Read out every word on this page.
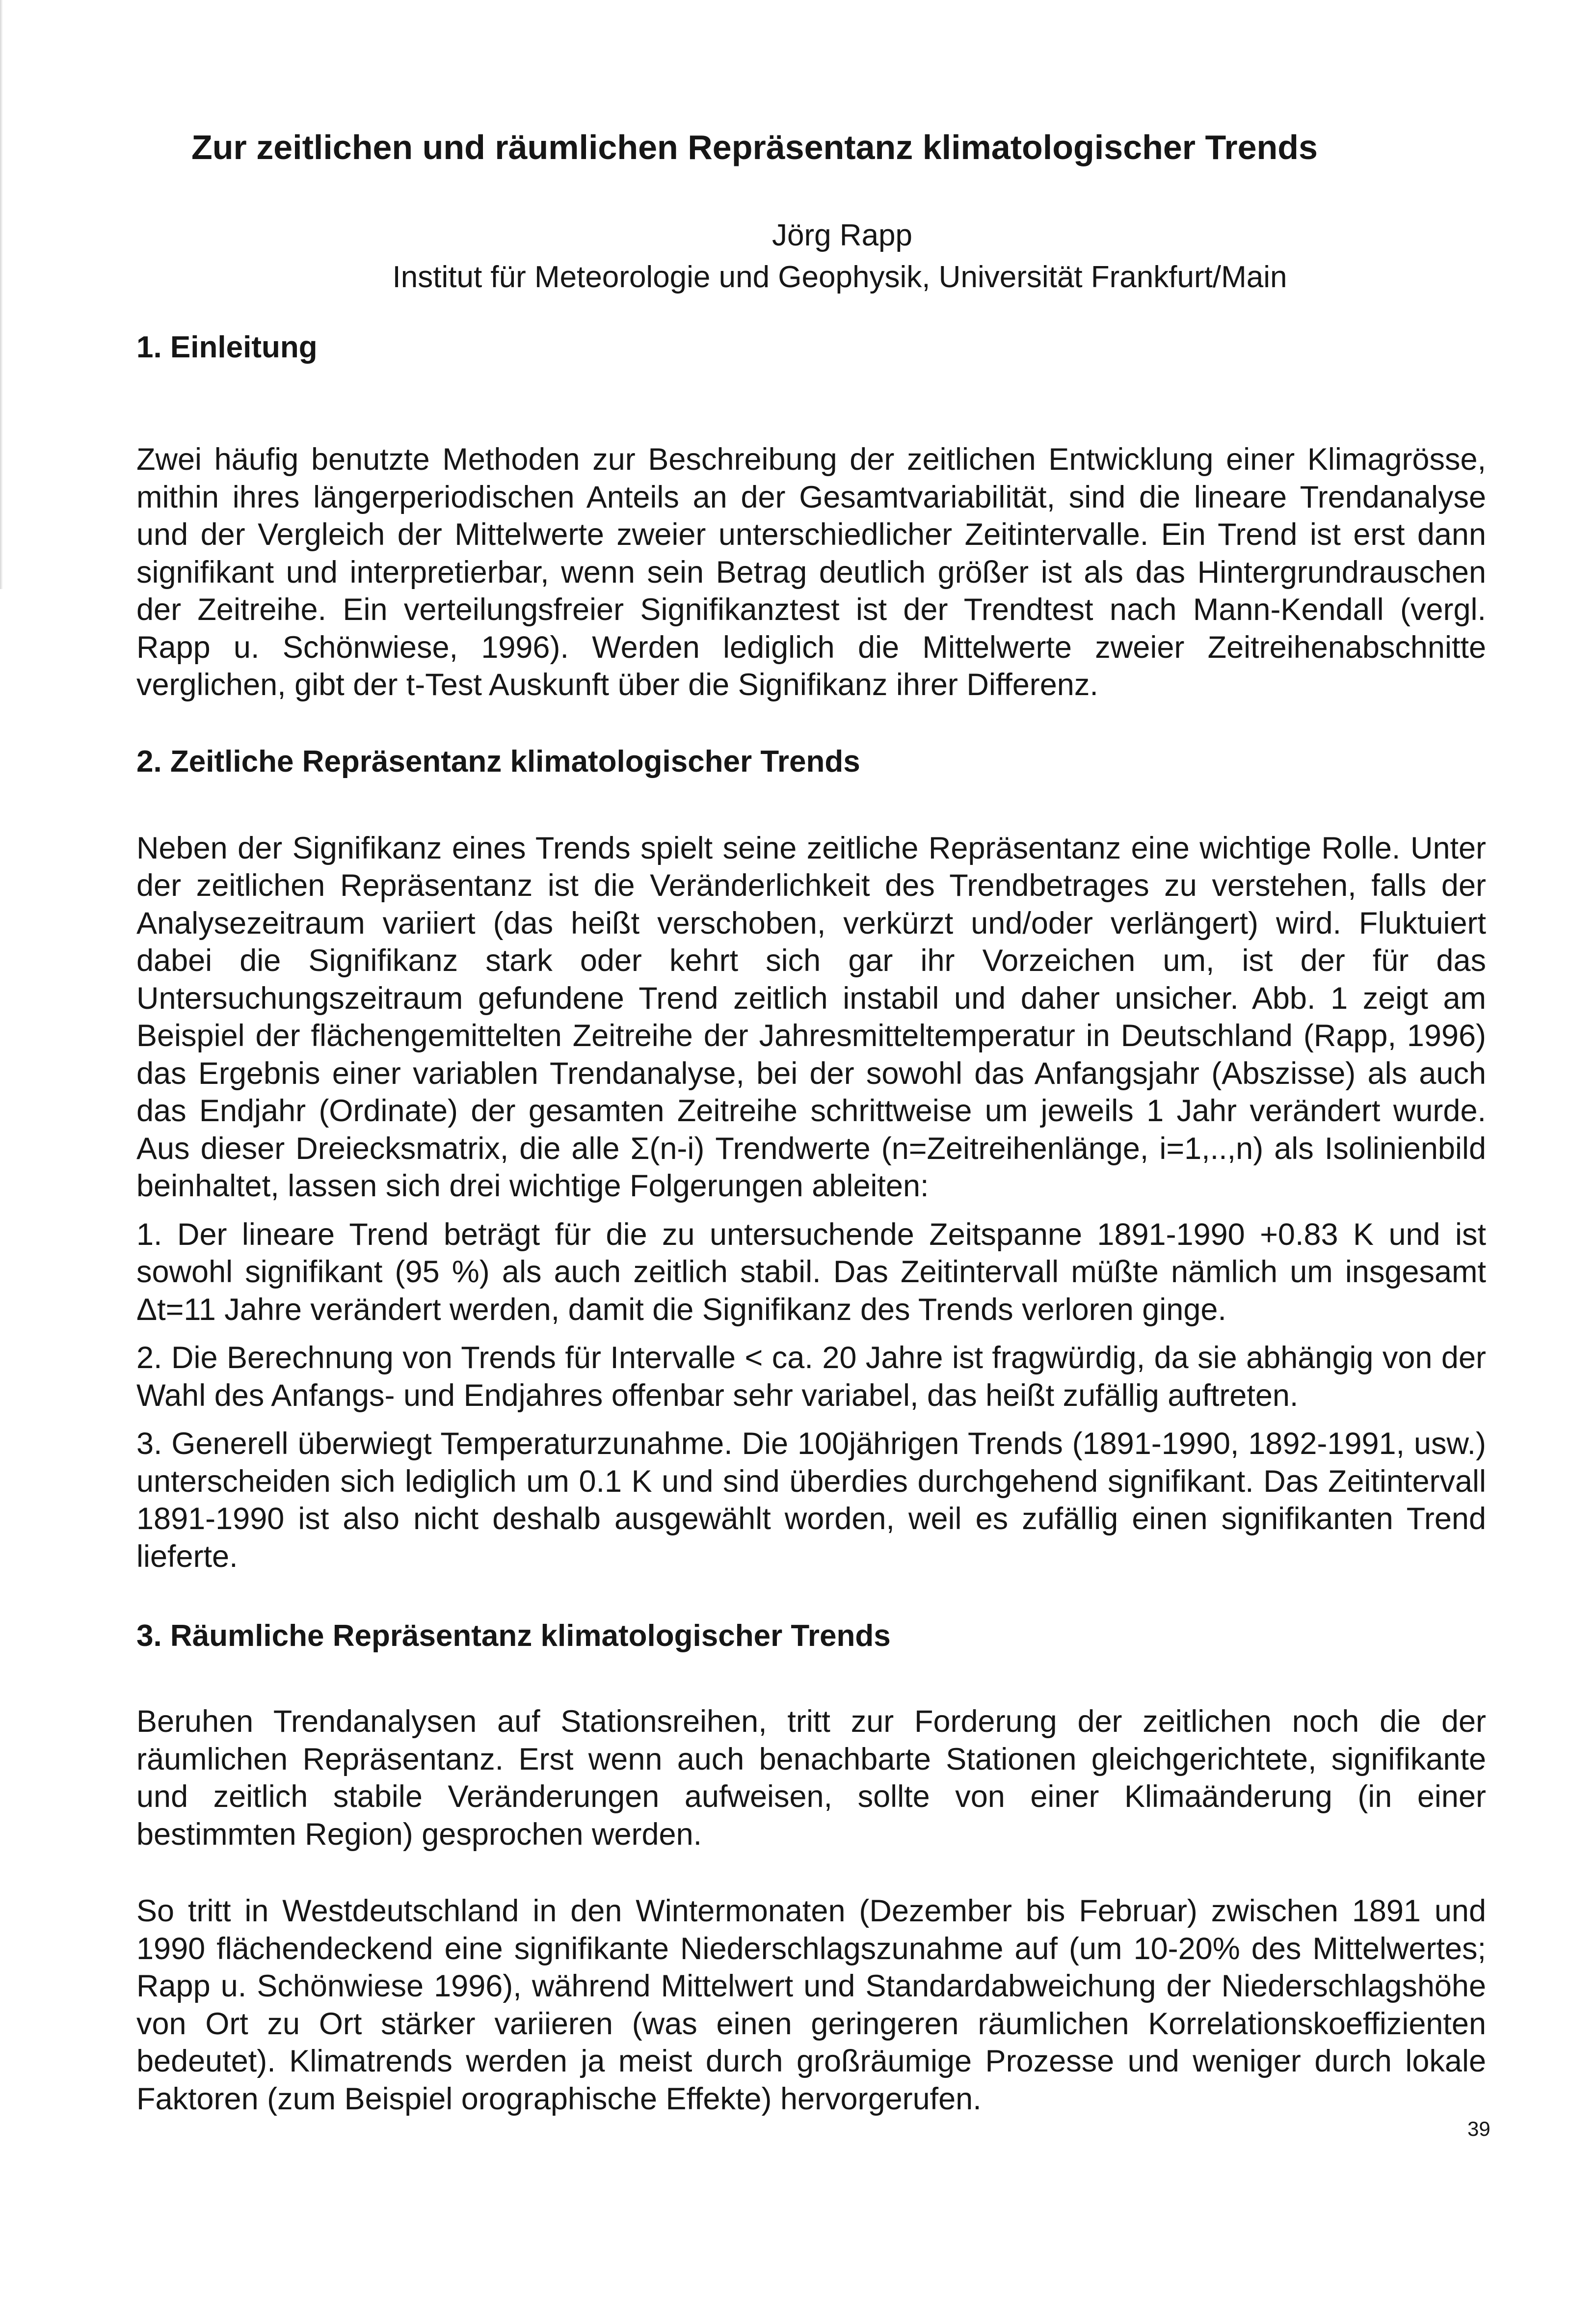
Zur zeitlichen und räumlichen Repräsentanz klimatologischer Trends
Jörg Rapp
Institut für Meteorologie und Geophysik, Universität Frankfurt/Main
1. Einleitung

Zwei häufig benutzte Methoden zur Beschreibung der zeitlichen Entwicklung einer Klimagrösse, mithin ihres längerperiodischen Anteils an der Gesamtvariabilität, sind die lineare Trendanalyse und der Vergleich der Mittelwerte zweier unterschiedlicher Zeitintervalle. Ein Trend ist erst dann signifikant und interpretierbar, wenn sein Betrag deutlich größer ist als das Hintergrundrauschen der Zeitreihe. Ein verteilungsfreier Signifikanztest ist der Trendtest nach Mann-Kendall (vergl. Rapp u. Schönwiese, 1996). Werden lediglich die Mittelwerte zweier Zeitreihenabschnitte verglichen, gibt der t-Test Auskunft über die Signifikanz ihrer Differenz.

2. Zeitliche Repräsentanz klimatologischer Trends

Neben der Signifikanz eines Trends spielt seine zeitliche Repräsentanz eine wichtige Rolle. Unter der zeitlichen Repräsentanz ist die Veränderlichkeit des Trendbetrages zu verstehen, falls der Analysezeitraum variiert (das heißt verschoben, verkürzt und/oder verlängert) wird. Fluktuiert dabei die Signifikanz stark oder kehrt sich gar ihr Vorzeichen um, ist der für das Untersuchungszeitraum gefundene Trend zeitlich instabil und daher unsicher. Abb. 1 zeigt am Beispiel der flächengemittelten Zeitreihe der Jahresmitteltemperatur in Deutschland (Rapp, 1996) das Ergebnis einer variablen Trendanalyse, bei der sowohl das Anfangsjahr (Abszisse) als auch das Endjahr (Ordinate) der gesamten Zeitreihe schrittweise um jeweils 1 Jahr verändert wurde. Aus dieser Dreiecksmatrix, die alle Σ(n-i) Trendwerte (n=Zeitreihenlänge, i=1,..,n) als Isolinienbild beinhaltet, lassen sich drei wichtige Folgerungen ableiten:

1. Der lineare Trend beträgt für die zu untersuchende Zeitspanne 1891-1990 +0.83 K und ist sowohl signifikant (95 %) als auch zeitlich stabil. Das Zeitintervall müßte nämlich um insgesamt Δt=11 Jahre verändert werden, damit die Signifikanz des Trends verloren ginge.

2. Die Berechnung von Trends für Intervalle < ca. 20 Jahre ist fragwürdig, da sie abhängig von der Wahl des Anfangs- und Endjahres offenbar sehr variabel, das heißt zufällig auftreten.

3. Generell überwiegt Temperaturzunahme. Die 100jährigen Trends (1891-1990, 1892-1991, usw.) unterscheiden sich lediglich um 0.1 K und sind überdies durchgehend signifikant. Das Zeitintervall 1891-1990 ist also nicht deshalb ausgewählt worden, weil es zufällig einen signifikanten Trend lieferte.

3. Räumliche Repräsentanz klimatologischer Trends

Beruhen Trendanalysen auf Stationsreihen, tritt zur Forderung der zeitlichen noch die der räumlichen Repräsentanz. Erst wenn auch benachbarte Stationen gleichgerichtete, signifikante und zeitlich stabile Veränderungen aufweisen, sollte von einer Klimaänderung (in einer bestimmten Region) gesprochen werden.

So tritt in Westdeutschland in den Wintermonaten (Dezember bis Februar) zwischen 1891 und 1990 flächendeckend eine signifikante Niederschlagszunahme auf (um 10-20% des Mittelwertes; Rapp u. Schönwiese 1996), während Mittelwert und Standardabweichung der Niederschlagshöhe von Ort zu Ort stärker variieren (was einen geringeren räumlichen Korrelationskoeffizienten bedeutet). Klimatrends werden ja meist durch großräumige Prozesse und weniger durch lokale Faktoren (zum Beispiel orographische Effekte) hervorgerufen.

39
